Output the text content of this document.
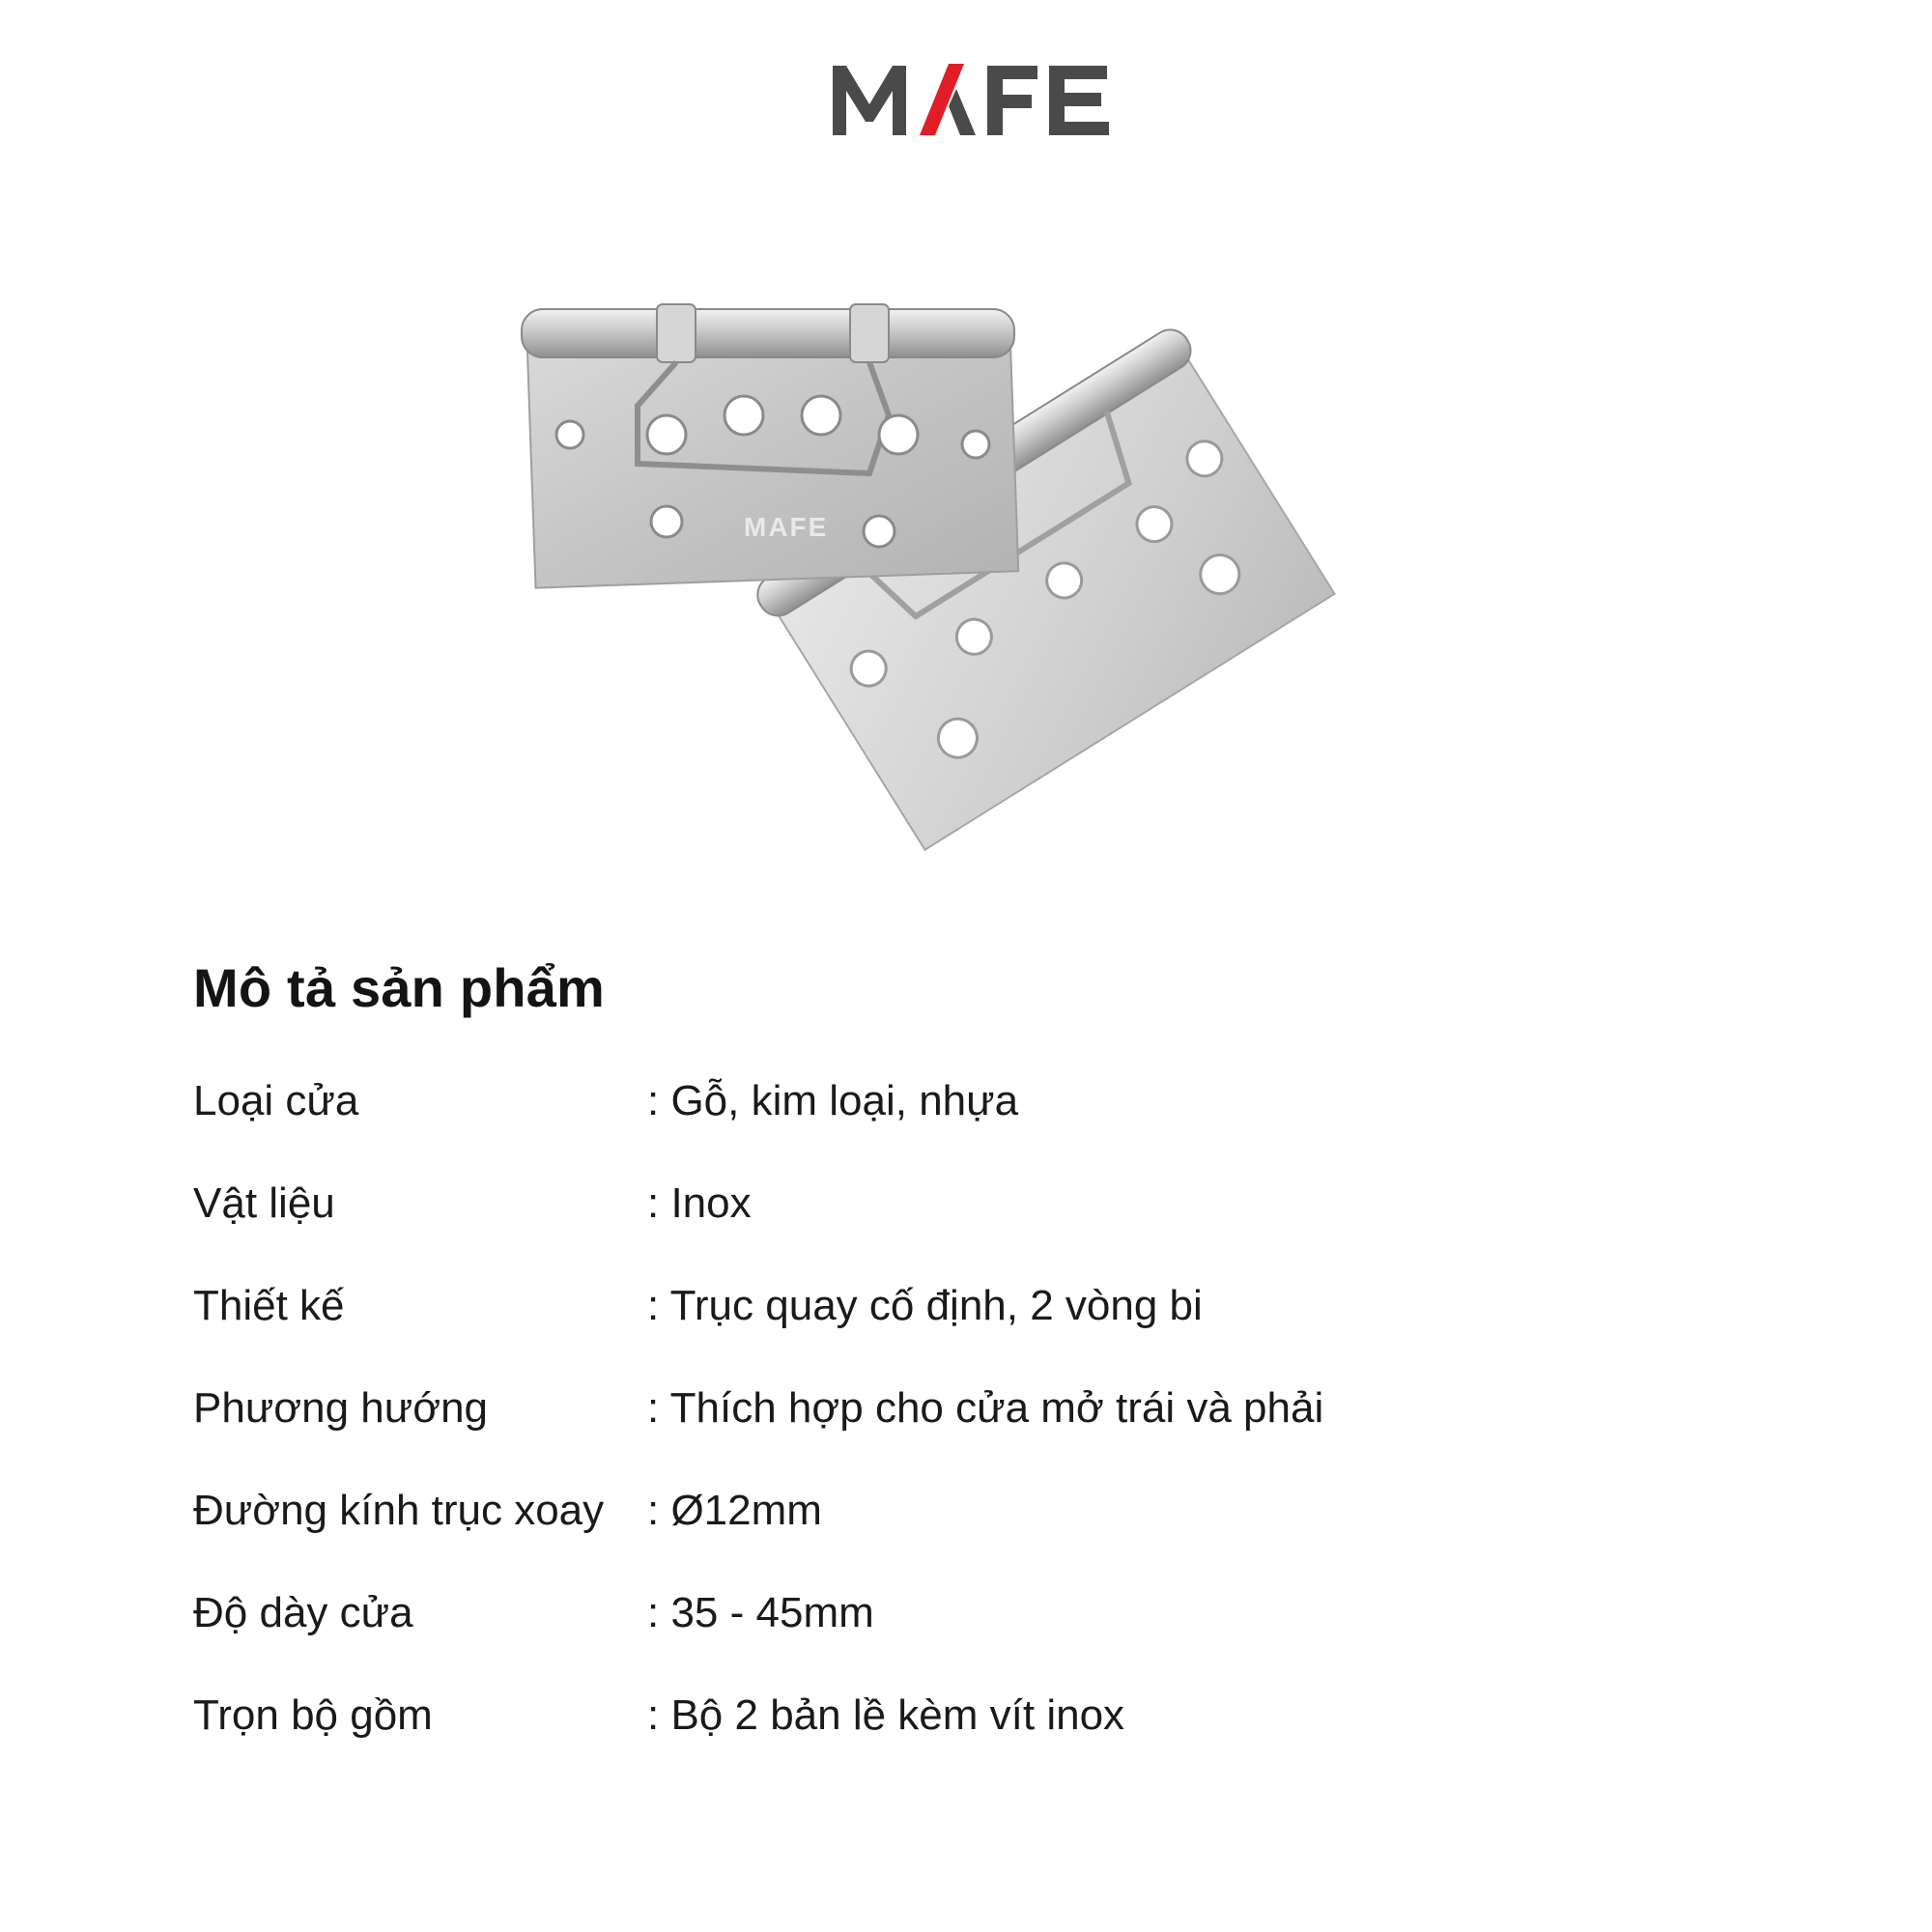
MAFE
Mô tả sản phẩm
Loại cửa	: Gỗ, kim loại, nhựa
Vật liệu	: Inox
Thiết kế	: Trục quay cố định, 2 vòng bi
Phương hướng	: Thích hợp cho cửa mở trái và phải
Đường kính trục xoay	: Ø12mm
Độ dày cửa	: 35 - 45mm
Trọn bộ gồm	: Bộ 2 bản lề kèm vít inox
